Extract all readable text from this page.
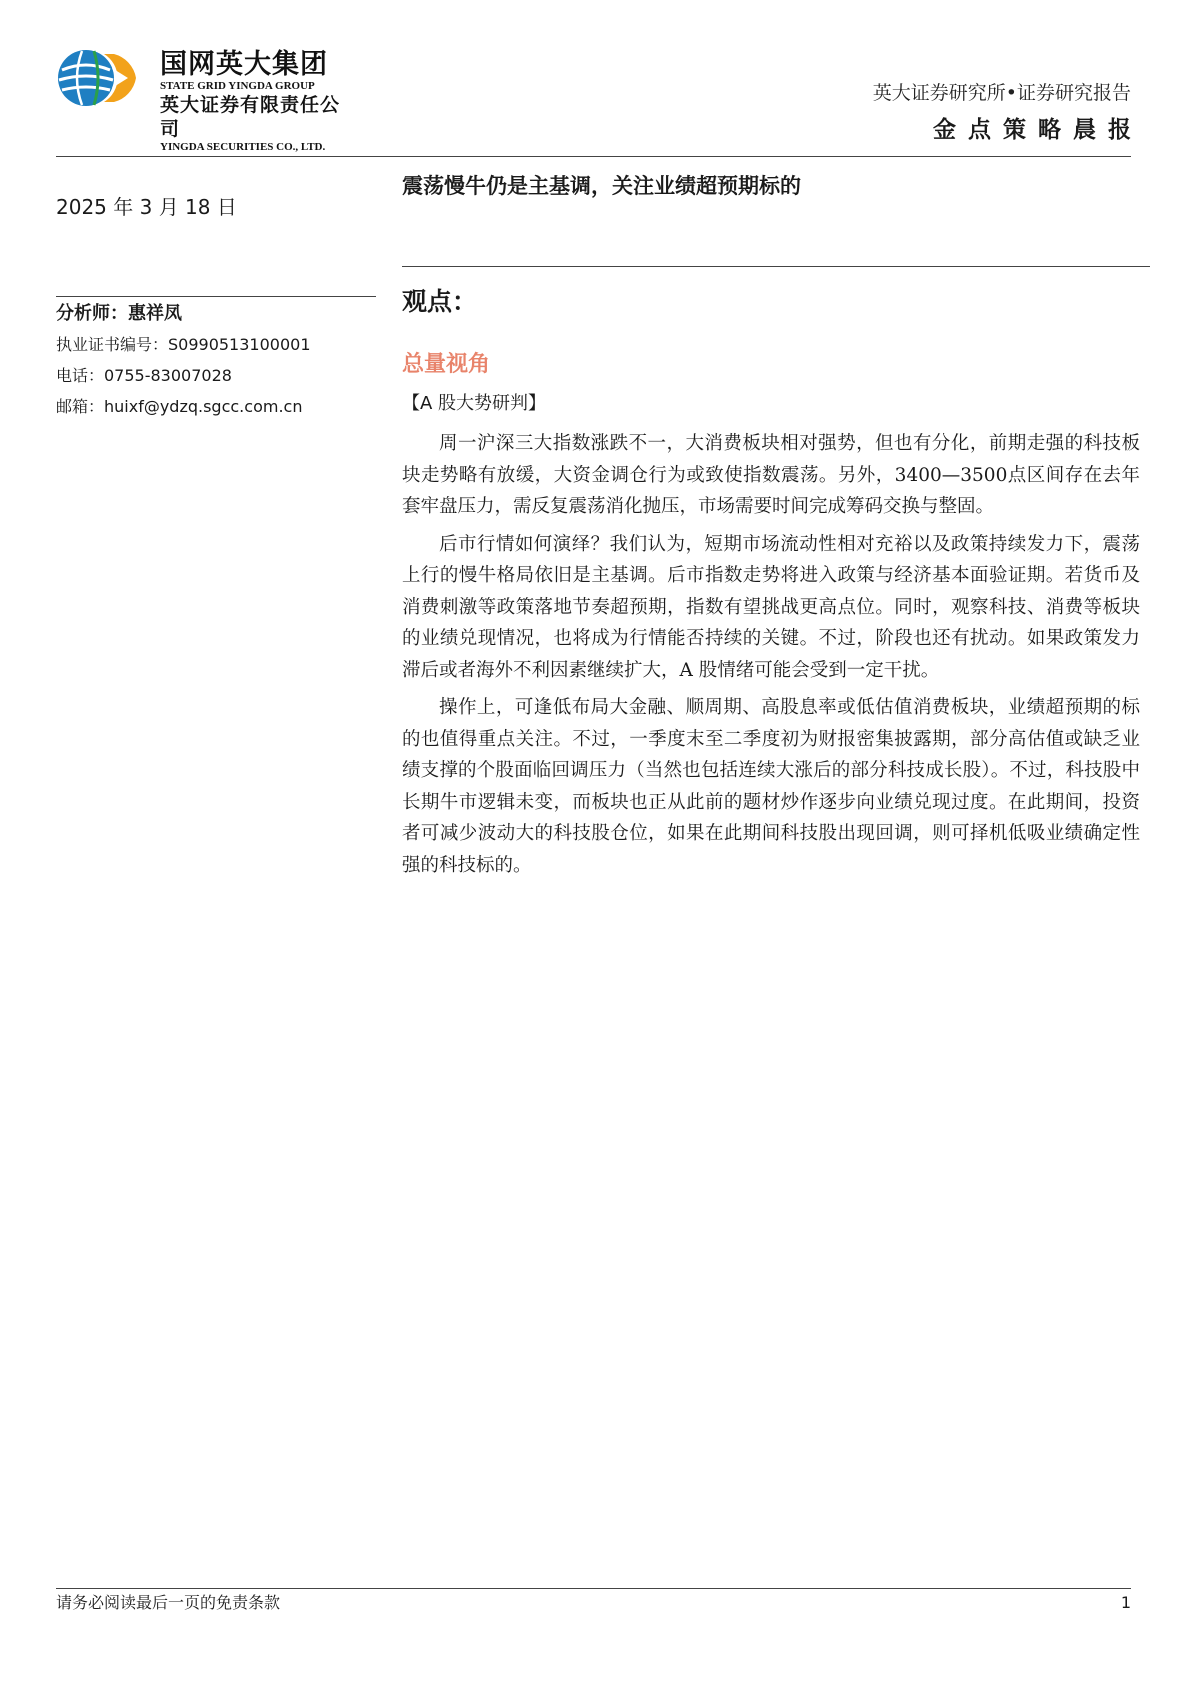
国网英大集团
STATE GRID YINGDA GROUP
英大证券有限责任公司
YINGDA SECURITIES CO., LTD.
英大证券研究所•证券研究报告
金点策略晨报
2025 年 3 月 18 日
震荡慢牛仍是主基调，关注业绩超预期标的
分析师：惠祥凤
执业证书编号：S0990513100001
电话：0755-83007028
邮箱：huixf@ydzq.sgcc.com.cn
观点：
总量视角
【A 股大势研判】

周一沪深三大指数涨跌不一，大消费板块相对强势，但也有分化，前期走强的科技板块走势略有放缓，大资金调仓行为或致使指数震荡。另外，3400—3500点区间存在去年套牢盘压力，需反复震荡消化抛压，市场需要时间完成筹码交换与整固。

后市行情如何演绎？我们认为，短期市场流动性相对充裕以及政策持续发力下，震荡上行的慢牛格局依旧是主基调。后市指数走势将进入政策与经济基本面验证期。若货币及消费刺激等政策落地节奏超预期，指数有望挑战更高点位。同时，观察科技、消费等板块的业绩兑现情况，也将成为行情能否持续的关键。不过，阶段也还有扰动。如果政策发力滞后或者海外不利因素继续扩大，A 股情绪可能会受到一定干扰。

操作上，可逢低布局大金融、顺周期、高股息率或低估值消费板块，业绩超预期的标的也值得重点关注。不过，一季度末至二季度初为财报密集披露期，部分高估值或缺乏业绩支撑的个股面临回调压力（当然也包括连续大涨后的部分科技成长股）。不过，科技股中长期牛市逻辑未变，而板块也正从此前的题材炒作逐步向业绩兑现过度。在此期间，投资者可减少波动大的科技股仓位，如果在此期间科技股出现回调，则可择机低吸业绩确定性强的科技标的。

请务必阅读最后一页的免责条款	1
